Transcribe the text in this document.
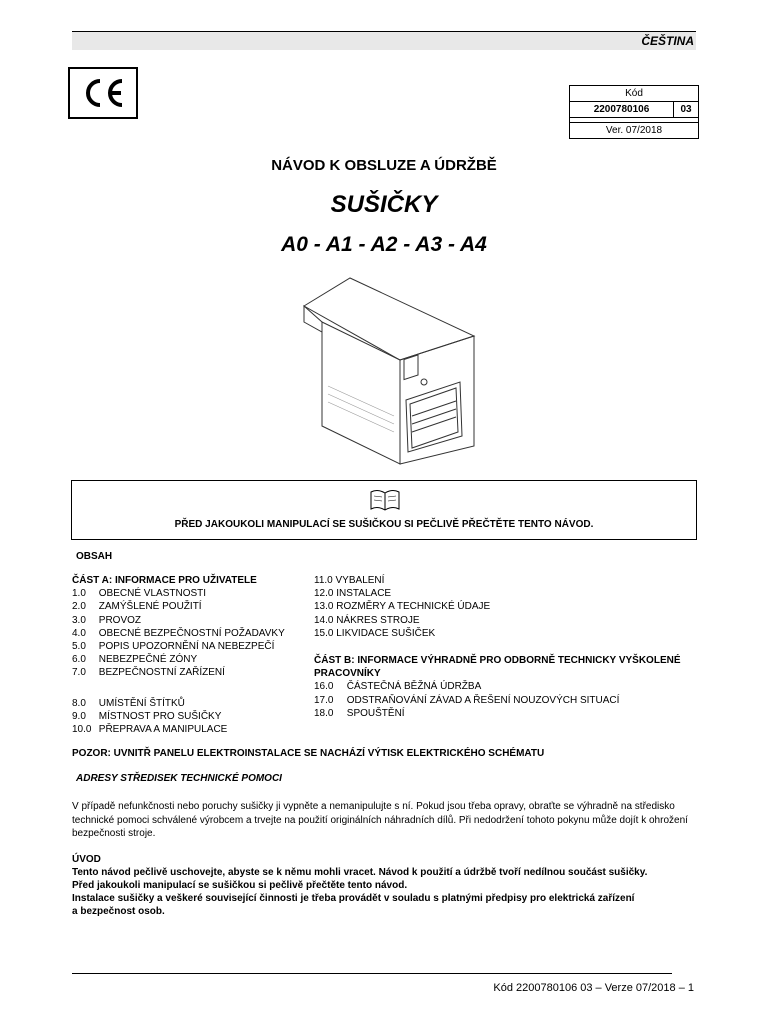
ČEŠTINA
Kód
2200780106	03

Ver. 07/2018
NÁVOD K OBSLUZE A ÚDRŽBĚ
SUŠIČKY
A0 - A1 - A2 - A3 - A4
PŘED JAKOUKOLI MANIPULACÍ SE SUŠIČKOU SI PEČLIVĚ PŘEČTĚTE TENTO NÁVOD.
OBSAH
ČÁST A: INFORMACE PRO UŽIVATELE
1.0 OBECNÉ VLASTNOSTI
2.0 ZAMÝŠLENÉ POUŽITÍ
3.0 PROVOZ
4.0 OBECNÉ BEZPEČNOSTNÍ POŽADAVKY
5.0 POPIS UPOZORNĚNÍ NA NEBEZPEČÍ
6.0 NEBEZPEČNÉ ZÓNY
7.0 BEZPEČNOSTNÍ ZAŘÍZENÍ
8.0 UMÍSTĚNÍ ŠTÍTKŮ
9.0 MÍSTNOST PRO SUŠIČKY
10.0 PŘEPRAVA A MANIPULACE
11.0 VYBALENÍ
12.0 INSTALACE
13.0 ROZMĚRY A TECHNICKÉ ÚDAJE
14.0 NÁKRES STROJE
15.0 LIKVIDACE SUŠIČEK
ČÁST B: INFORMACE VÝHRADNĚ PRO ODBORNĚ TECHNICKY VYŠKOLENÉ PRACOVNÍKY
16.0 ČÁSTEČNÁ BĚŽNÁ ÚDRŽBA
17.0 ODSTRAŇOVÁNÍ ZÁVAD A ŘEŠENÍ NOUZOVÝCH SITUACÍ
18.0 SPOUŠTĚNÍ
POZOR: UVNITŘ PANELU ELEKTROINSTALACE SE NACHÁZÍ VÝTISK ELEKTRICKÉHO SCHÉMATU
ADRESY STŘEDISEK TECHNICKÉ POMOCI
V případě nefunkčnosti nebo poruchy sušičky ji vypněte a nemanipulujte s ní. Pokud jsou třeba opravy, obraťte se výhradně na středisko technické pomoci schválené výrobcem a trvejte na použití originálních náhradních dílů. Při nedodržení tohoto pokynu může dojít k ohrožení bezpečnosti stroje.

ÚVOD

Tento návod pečlivě uschovejte, abyste se k němu mohli vracet. Návod k použití a údržbě tvoří nedílnou součást sušičky.

Před jakoukoli manipulací se sušičkou si pečlivě přečtěte tento návod.

Instalace sušičky a veškeré související činnosti je třeba provádět v souladu s platnými předpisy pro elektrická zařízení

a bezpečnost osob.

Kód 2200780106 03 – Verze 07/2018 – 1
